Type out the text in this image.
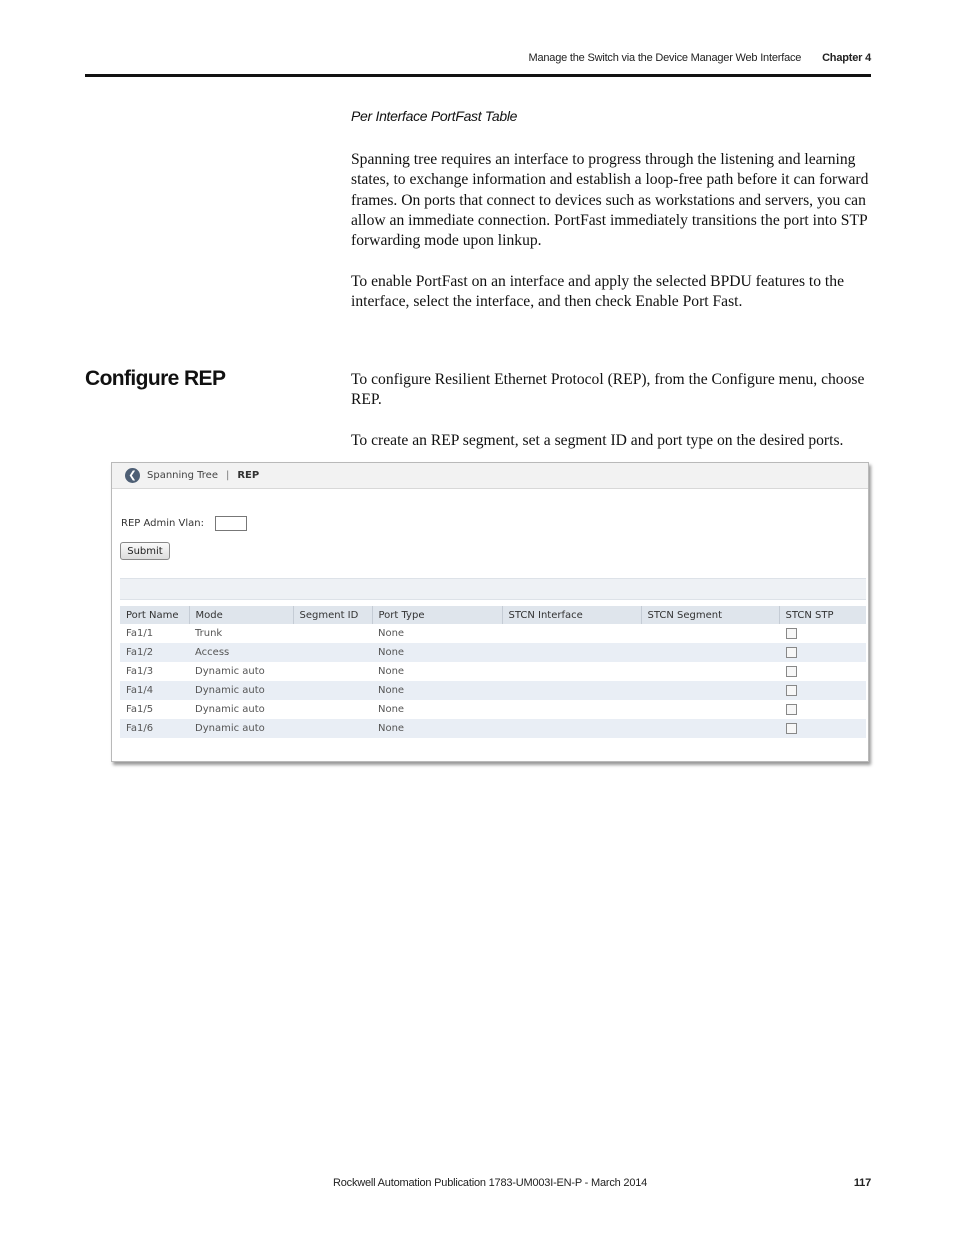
Manage the Switch via the Device Manager Web Interface Chapter 4
Per Interface PortFast Table

Spanning tree requires an interface to progress through the listening and learning states, to exchange information and establish a loop-free path before it can forward frames. On ports that connect to devices such as workstations and servers, you can allow an immediate connection. PortFast immediately transitions the port into STP forwarding mode upon linkup.

To enable PortFast on an interface and apply the selected BPDU features to the interface, select the interface, and then check Enable Port Fast.

Configure REP	To configure Resilient Ethernet Protocol (REP), from the Configure menu, choose REP.

To create an REP segment, set a segment ID and port type on the desired ports.

❮	Spanning Tree | REP
REP Admin Vlan:
Submit
Port Name	Mode	Segment ID	Port Type	STCN Interface	STCN Segment	STCN STP
Fa1/1	Trunk		None			
Fa1/2	Access		None			
Fa1/3	Dynamic auto		None			
Fa1/4	Dynamic auto		None			
Fa1/5	Dynamic auto		None			
Fa1/6	Dynamic auto		None			
Rockwell Automation Publication 1783-UM003I-EN-P - March 2014	117
